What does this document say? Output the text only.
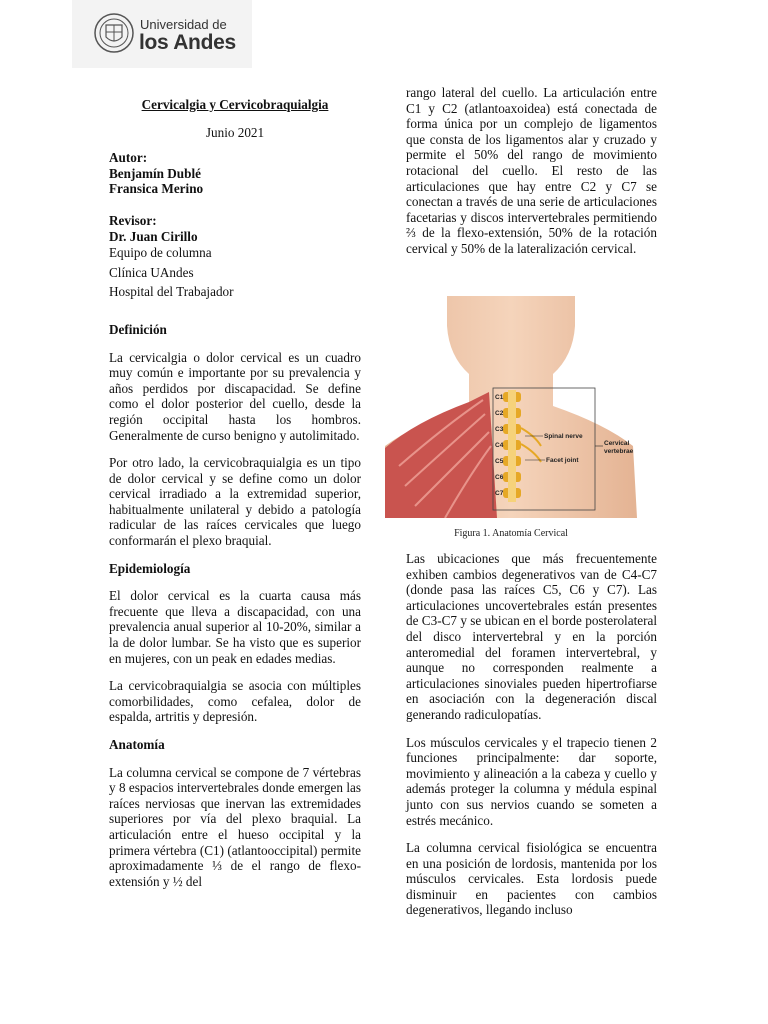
Universidad de
los Andes

Cervicalgia y Cervicobraquialgia

Junio 2021

Autor:

Benjamín Dublé

Fransica Merino

Revisor:

Dr. Juan Cirillo

Equipo de columna

Clínica UAndes

Hospital del Trabajador

Definición

La cervicalgia o dolor cervical es un cuadro muy común e importante por su prevalencia y años perdidos por discapacidad. Se define como el dolor posterior del cuello, desde la región occipital hasta los hombros. Generalmente de curso benigno y autolimitado.

Por otro lado, la cervicobraquialgia es un tipo de dolor cervical y se define como un dolor cervical irradiado a la extremidad superior, habitualmente unilateral y debido a patología radicular de las raíces cervicales que luego conformarán el plexo braquial.

Epidemiología

El dolor cervical es la cuarta causa más frecuente que lleva a discapacidad, con una prevalencia anual superior al 10-20%, similar a la de dolor lumbar. Se ha visto que es superior en mujeres, con un peak en edades medias.

La cervicobraquialgia se asocia con múltiples comorbilidades, como cefalea, dolor de espalda, artritis y depresión.

Anatomía

La columna cervical se compone de 7 vértebras y 8 espacios intervertebrales donde emergen las raíces nerviosas que inervan las extremidades superiores por vía del plexo braquial. La articulación entre el hueso occipital y la primera vértebra (C1) (atlantooccipital) permite aproximadamente ⅓ de el rango de flexo- extensión y ½ del

rango lateral del cuello. La articulación entre C1 y C2 (atlantoaxoidea) está conectada de forma única por un complejo de ligamentos que consta de los ligamentos alar y cruzado y permite el 50% del rango de movimiento rotacional del cuello. El resto de las articulaciones que hay entre C2 y C7 se conectan a través de una serie de articulaciones facetarias y discos intervertebrales permitiendo ⅔ de la flexo-extensión, 50% de la rotación cervical y 50% de la lateralización cervical.

C1
C2
C3
C4
C5
C6
C7
Spinal nerve
Facet joint
Cervical
vertebrae
Figura 1. Anatomía Cervical

Las ubicaciones que más frecuentemente exhiben cambios degenerativos van de C4-C7 (donde pasa las raíces C5, C6 y C7). Las articulaciones uncovertebrales están presentes de C3-C7 y se ubican en el borde posterolateral del disco intervertebral y en la porción anteromedial del foramen intervertebral, y aunque no corresponden realmente a articulaciones sinoviales pueden hipertrofiarse en asociación con la degeneración discal generando radiculopatías.

Los músculos cervicales y el trapecio tienen 2 funciones principalmente: dar soporte, movimiento y alineación a la cabeza y cuello y además proteger la columna y médula espinal junto con sus nervios cuando se someten a estrés mecánico.

La columna cervical fisiológica se encuentra en una posición de lordosis, mantenida por los músculos cervicales. Esta lordosis puede disminuir en pacientes con cambios degenerativos, llegando incluso
